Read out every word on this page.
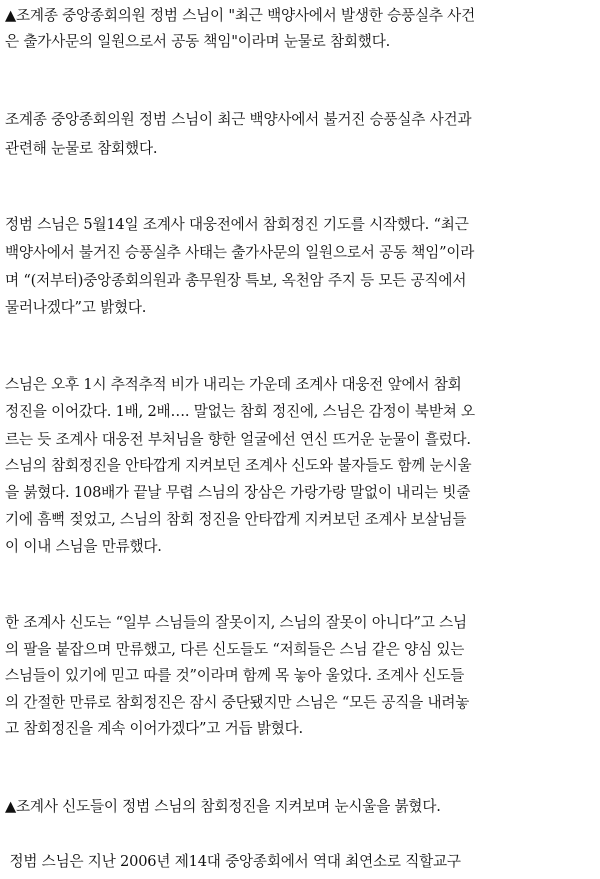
▲조계종 중앙종회의원 정범 스님이 "최근 백양사에서 발생한 승풍실추 사건
은 출가사문의 일원으로서 공동 책임"이라며 눈물로 참회했다.
조계종 중앙종회의원 정범 스님이 최근 백양사에서 불거진 승풍실추 사건과
관련해 눈물로 참회했다.
정범 스님은 5월14일 조계사 대웅전에서 참회정진 기도를 시작했다. “최근
백양사에서 불거진 승풍실추 사태는 출가사문의 일원으로서 공동 책임”이라
며 “(저부터)중앙종회의원과 총무원장 특보, 옥천암 주지 등 모든 공직에서
물러나겠다”고 밝혔다.
스님은 오후 1시 추적추적 비가 내리는 가운데 조계사 대웅전 앞에서 참회
정진을 이어갔다. 1배, 2배…. 말없는 참회 정진에, 스님은 감정이 북받쳐 오
르는 듯 조계사 대웅전 부처님을 향한 얼굴에선 연신 뜨거운 눈물이 흘렀다.
스님의 참회정진을 안타깝게 지켜보던 조계사 신도와 불자들도 함께 눈시울
을 붉혔다. 108배가 끝날 무렵 스님의 장삼은 가랑가랑 말없이 내리는 빗줄
기에 흠뻑 젖었고, 스님의 참회 정진을 안타깝게 지켜보던 조계사 보살님들
이 이내 스님을 만류했다.
한 조계사 신도는 “일부 스님들의 잘못이지, 스님의 잘못이 아니다”고 스님
의 팔을 붙잡으며 만류했고, 다른 신도들도 “저희들은 스님 같은 양심 있는
스님들이 있기에 믿고 따를 것”이라며 함께 목 놓아 울었다. 조계사 신도들
의 간절한 만류로 참회정진은 잠시 중단됐지만 스님은 “모든 공직을 내려놓
고 참회정진을 계속 이어가겠다”고 거듭 밝혔다.
▲조계사 신도들이 정범 스님의 참회정진을 지켜보며 눈시울을 붉혔다.
정범 스님은 지난 2006년 제14대 중앙종회에서 역대 최연소로 직할교구
